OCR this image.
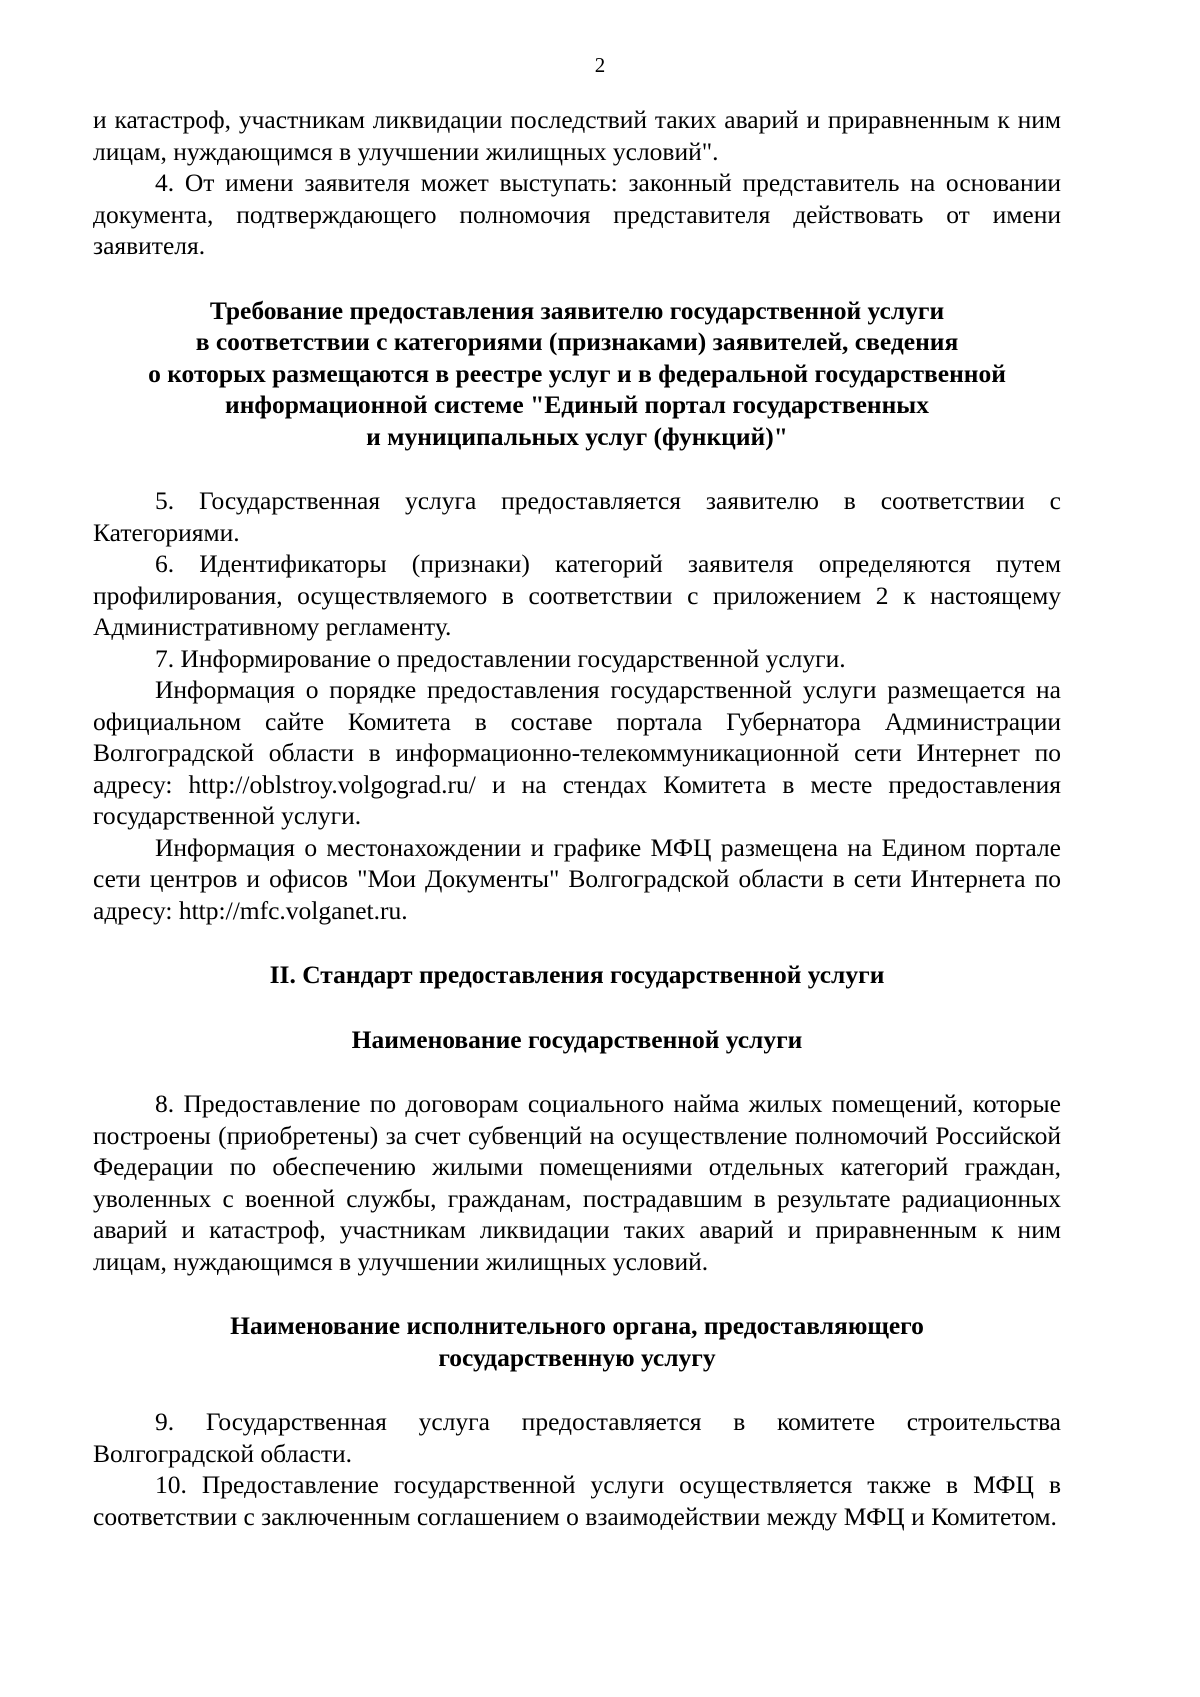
2

и катастроф, участникам ликвидации последствий таких аварий и приравненным к ним лицам, нуждающимся в улучшении жилищных условий".

4. От имени заявителя может выступать: законный представитель на основании документа, подтверждающего полномочия представителя действовать от имени заявителя.

Требование предоставления заявителю государственной услуги
в соответствии с категориями (признаками) заявителей, сведения
о которых размещаются в реестре услуг и в федеральной государственной
информационной системе "Единый портал государственных
и муниципальных услуг (функций)"

5. Государственная услуга предоставляется заявителю в соответствии с Категориями.

6. Идентификаторы (признаки) категорий заявителя определяются путем профилирования, осуществляемого в соответствии с приложением 2 к настоящему Административному регламенту.

7. Информирование о предоставлении государственной услуги.

Информация о порядке предоставления государственной услуги размещается на официальном сайте Комитета в составе портала Губернатора Администрации Волгоградской области в информационно-телекоммуникационной сети Интернет по адресу: http://oblstroy.volgograd.ru/ и на стендах Комитета в месте предоставления государственной услуги.

Информация о местонахождении и графике МФЦ размещена на Едином портале сети центров и офисов "Мои Документы" Волгоградской области в сети Интернета по адресу: http://mfc.volganet.ru.

II. Стандарт предоставления государственной услуги
Наименование государственной услуги

8. Предоставление по договорам социального найма жилых помещений, которые построены (приобретены) за счет субвенций на осуществление полномочий Российской Федерации по обеспечению жилыми помещениями отдельных категорий граждан, уволенных с военной службы, гражданам, пострадавшим в результате радиационных аварий и катастроф, участникам ликвидации таких аварий и приравненным к ним лицам, нуждающимся в улучшении жилищных условий.

Наименование исполнительного органа, предоставляющего
государственную услугу

9. Государственная услуга предоставляется в комитете строительства Волгоградской области.

10. Предоставление государственной услуги осуществляется также в МФЦ в соответствии с заключенным соглашением о взаимодействии между МФЦ и Комитетом.
